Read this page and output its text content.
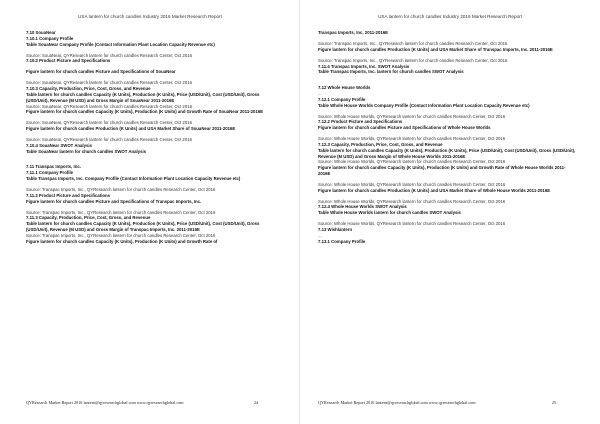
USA lantern for church candles Industry 2016 Market Research Report
7.10 SouaNear
7.10.1 Company Profile
Table SouaNear Company Profile (Contact Information Plant Location Capacity Revenue etc)
Source: SouaNear, QYResearch lantern for church candles Research Center, Oct 2016
7.10.2 Product Picture and Specifications
Figure lantern for church candles Picture and Specifications of SouaNear
Source: SouaNear, QYResearch lantern for church candles Research Center, Oct 2016
7.10.3 Capacity, Production, Price, Cost, Gross, and Revenue
Table lantern for church candles Capacity (K Units), Production (K Units), Price (USD/Unit), Cost (USD/Unit), Gross (USD/Unit), Revenue (M USD) and Gross Margin of SouaNear 2011-2016E
Source: SouaNear, QYResearch lantern for church candles Research Center, Oct 2016
Figure lantern for church candles Capacity (K Units), Production (K Units) and Growth Rate of SouaNear 2011-2016E
Source: SouaNear, QYResearch lantern for church candles Research Center, Oct 2016
Figure lantern for church candles Production (K Units) and USA Market Share of SouaNear 2011-2016E
Source: SouaNear, QYResearch lantern for church candles Research Center, Oct 2016
7.10.4 SouaNear SWOT Analysis
Table SouaNear lantern for church candles SWOT Analysis
7.11 Transpac Imports, Inc.
7.11.1 Company Profile
Table Transpac Imports, Inc. Company Profile (Contact Information Plant Location Capacity Revenue etc)
Source: Transpac Imports, Inc., QYResearch lantern for church candles Research Center, Oct 2016
7.11.2 Product Picture and Specifications
Figure lantern for church candles Picture and Specifications of Transpac Imports, Inc.
Source: Transpac Imports, Inc., QYResearch lantern for church candles Research Center, Oct 2016
7.11.3 Capacity, Production, Price, Cost, Gross, and Revenue
Table lantern for church candles Capacity (K Units), Production (K Units), Price (USD/Unit), Cost (USD/Unit), Gross (USD/Unit), Revenue (M USD) and Gross Margin of Transpac Imports, Inc. 2011-2016E
Source: Transpac Imports, Inc., QYResearch lantern for church candles Research Center, Oct 2016
Figure lantern for church candles Capacity (K Units), Production (K Units) and Growth Rate of
QYResearch Market Report 2016 lantern@qyresearchglobal.com www.qyresearchglobal.com	24
USA lantern for church candles Industry 2016 Market Research Report
Transpac Imports, Inc. 2011-2016E
Source: Transpac Imports, Inc., QYResearch lantern for church candles Research Center, Oct 2016
Figure lantern for church candles Production (K Units) and USA Market Share of Transpac Imports, Inc. 2011-2016E
Source: Transpac Imports, Inc., QYResearch lantern for church candles Research Center, Oct 2016
7.11.4 Transpac Imports, Inc. SWOT Analysis
Table Transpac Imports, Inc. lantern for church candles SWOT Analysis
7.12 Whole House Worlds
...
7.12.1 Company Profile
Table Whole House Worlds Company Profile (Contact Information Plant Location Capacity Revenue etc)
Source: Whole House Worlds, QYResearch lantern for church candles Research Center, Oct 2016
7.12.2 Product Picture and Specifications
Figure lantern for church candles Picture and Specifications of Whole House Worlds
Source: Whole House Worlds, QYResearch lantern for church candles Research Center, Oct 2016
7.12.3 Capacity, Production, Price, Cost, Gross, and Revenue
Table lantern for church candles Capacity (K Units), Production (K Units), Price (USD/Unit), Cost (USD/Unit), Gross (USD/Unit), Revenue (M USD) and Gross Margin of Whole House Worlds 2011-2016E
Source: Whole House Worlds, QYResearch lantern for church candles Research Center, Oct 2016
Figure lantern for church candles Capacity (K Units), Production (K Units) and Growth Rate of Whole House Worlds 2011-2016E
Source: Whole House Worlds, QYResearch lantern for church candles Research Center, Oct 2016
Figure lantern for church candles Production (K Units) and USA Market Share of Whole House Worlds 2011-2016E
Source: Whole House Worlds, QYResearch lantern for church candles Research Center, Oct 2016
7.12.4 Whole House Worlds SWOT Analysis
Table Whole House Worlds lantern for church candles SWOT Analysis
Source: Whole House Worlds, QYResearch lantern for church candles Research Center, Oct 2016
7.13 Wishlantern
...
7.13.1 Company Profile
QYResearch Market Report 2016 lantern@qyresearchglobal.com www.qyresearchglobal.com	25
